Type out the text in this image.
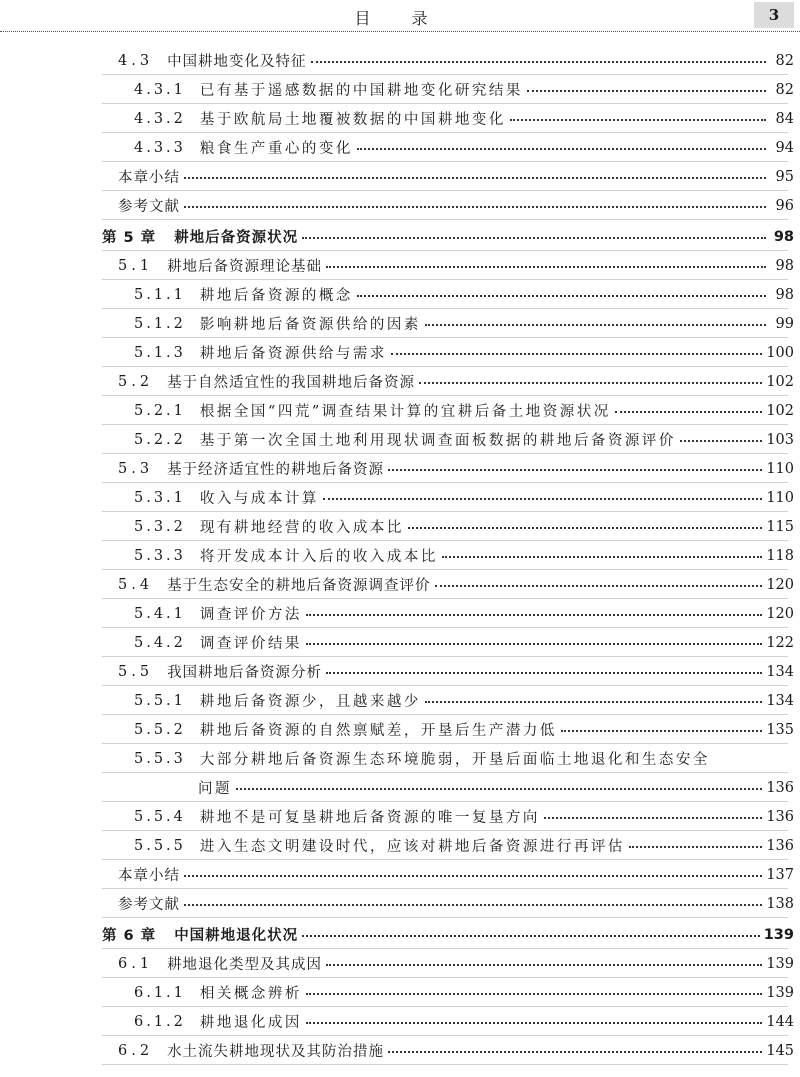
目 录	3
4.3 中国耕地变化及特征	82
4.3.1 已有基于遥感数据的中国耕地变化研究结果	82
4.3.2 基于欧航局土地覆被数据的中国耕地变化	84
4.3.3 粮食生产重心的变化	94
本章小结	95
参考文献	96
第 5 章 耕地后备资源状况	98
5.1 耕地后备资源理论基础	98
5.1.1 耕地后备资源的概念	98
5.1.2 影响耕地后备资源供给的因素	99
5.1.3 耕地后备资源供给与需求	100
5.2 基于自然适宜性的我国耕地后备资源	102
5.2.1 根据全国“四荒”调查结果计算的宜耕后备土地资源状况	102
5.2.2 基于第一次全国土地利用现状调查面板数据的耕地后备资源评价	103
5.3 基于经济适宜性的耕地后备资源	110
5.3.1 收入与成本计算	110
5.3.2 现有耕地经营的收入成本比	115
5.3.3 将开发成本计入后的收入成本比	118
5.4 基于生态安全的耕地后备资源调查评价	120
5.4.1 调查评价方法	120
5.4.2 调查评价结果	122
5.5 我国耕地后备资源分析	134
5.5.1 耕地后备资源少，且越来越少	134
5.5.2 耕地后备资源的自然禀赋差，开垦后生产潜力低	135
5.5.3 大部分耕地后备资源生态环境脆弱，开垦后面临土地退化和生态安全
问题	136
5.5.4 耕地不是可复垦耕地后备资源的唯一复垦方向	136
5.5.5 进入生态文明建设时代，应该对耕地后备资源进行再评估	136
本章小结	137
参考文献	138
第 6 章 中国耕地退化状况	139
6.1 耕地退化类型及其成因	139
6.1.1 相关概念辨析	139
6.1.2 耕地退化成因	144
6.2 水土流失耕地现状及其防治措施	145
